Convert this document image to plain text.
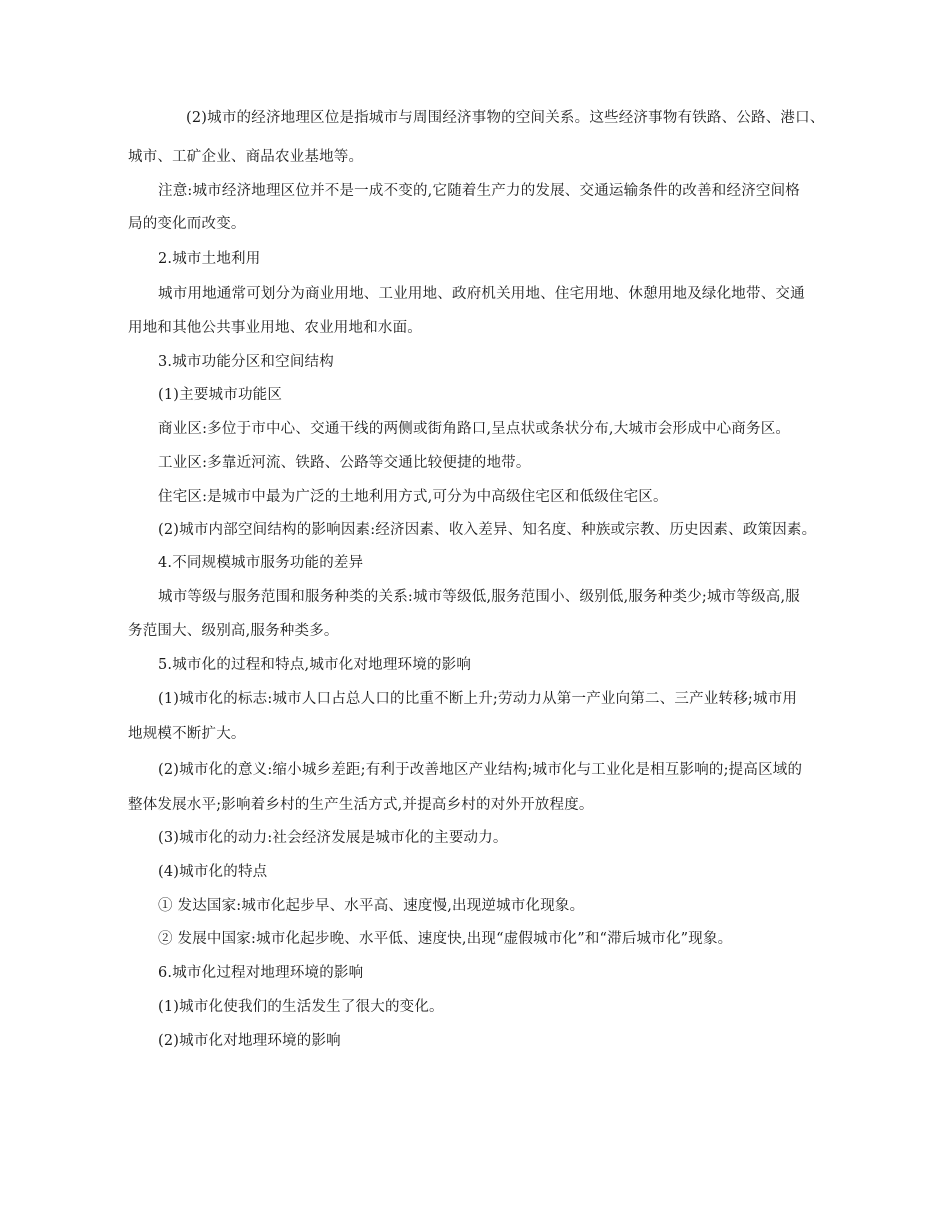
(2)城市的经济地理区位是指城市与周围经济事物的空间关系。这些经济事物有铁路、公路、港口、
城市、工矿企业、商品农业基地等。
注意:城市经济地理区位并不是一成不变的,它随着生产力的发展、交通运输条件的改善和经济空间格
局的变化而改变。
2.城市土地利用
城市用地通常可划分为商业用地、工业用地、政府机关用地、住宅用地、休憩用地及绿化地带、交通
用地和其他公共事业用地、农业用地和水面。
3.城市功能分区和空间结构
(1)主要城市功能区
商业区:多位于市中心、交通干线的两侧或街角路口,呈点状或条状分布,大城市会形成中心商务区。
工业区:多靠近河流、铁路、公路等交通比较便捷的地带。
住宅区:是城市中最为广泛的土地利用方式,可分为中高级住宅区和低级住宅区。
(2)城市内部空间结构的影响因素:经济因素、收入差异、知名度、种族或宗教、历史因素、政策因素。
4.不同规模城市服务功能的差异
城市等级与服务范围和服务种类的关系:城市等级低,服务范围小、级别低,服务种类少;城市等级高,服
务范围大、级别高,服务种类多。
5.城市化的过程和特点,城市化对地理环境的影响
(1)城市化的标志:城市人口占总人口的比重不断上升;劳动力从第一产业向第二、三产业转移;城市用
地规模不断扩大。
(2)城市化的意义:缩小城乡差距;有利于改善地区产业结构;城市化与工业化是相互影响的;提高区域的
整体发展水平;影响着乡村的生产生活方式,并提高乡村的对外开放程度。
(3)城市化的动力:社会经济发展是城市化的主要动力。
(4)城市化的特点
① 发达国家:城市化起步早、水平高、速度慢,出现逆城市化现象。
② 发展中国家:城市化起步晚、水平低、速度快,出现“虚假城市化”和“滞后城市化”现象。
6.城市化过程对地理环境的影响
(1)城市化使我们的生活发生了很大的变化。
(2)城市化对地理环境的影响
